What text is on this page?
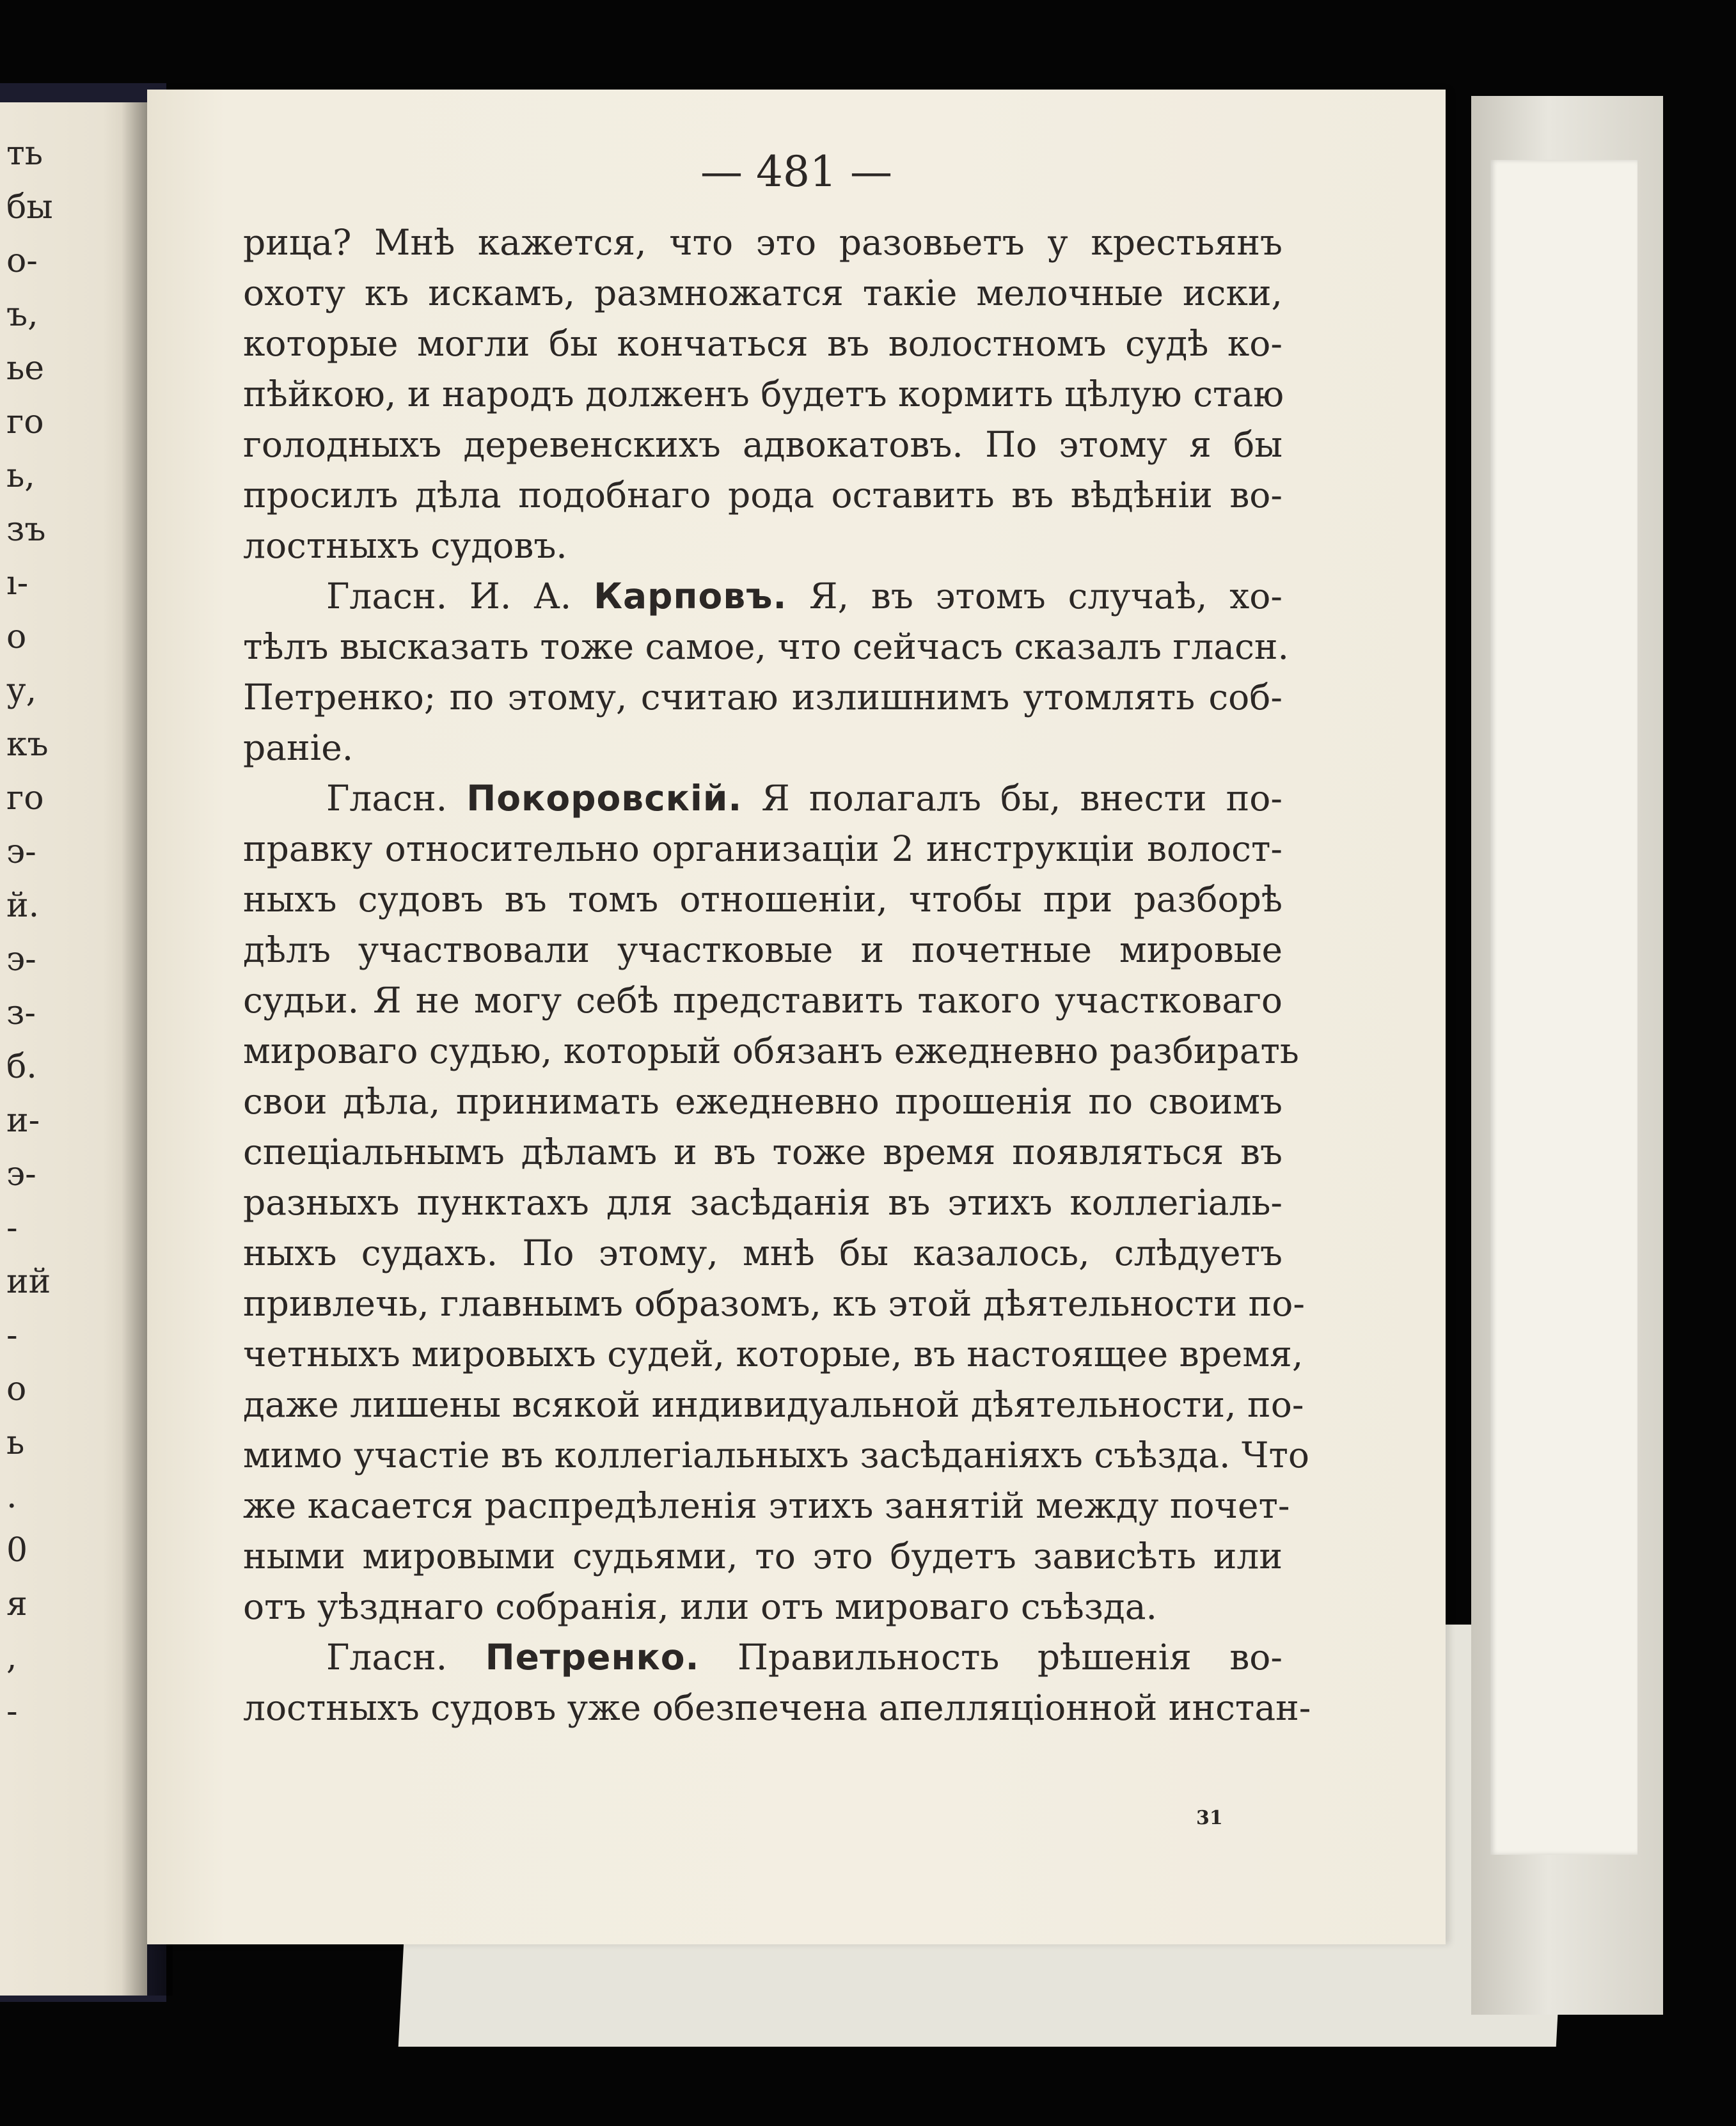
ть
бы
о-
ъ,
ье
го
ь,
зъ
ı-
о
у,
къ
го
э-
й.
э-
з-
б.
и-
э-
-
ий
-
о
ь
.
0
я
,
-
— 481 —
рица? Мнѣ кажется, что это разовьетъ у крестьянъ
охоту къ искамъ, размножатся такіе мелочные иски,
которые могли бы кончаться въ волостномъ судѣ ко-
пѣйкою, и народъ долженъ будетъ кормить цѣлую стаю
голодныхъ деревенскихъ адвокатовъ. По этому я бы
просилъ дѣла подобнаго рода оставить въ вѣдѣніи во-
лостныхъ судовъ.
Гласн. И. А. Карповъ. Я, въ этомъ случаѣ, хо-
тѣлъ высказать тоже самое, что сейчасъ сказалъ гласн.
Петренко; по этому, считаю излишнимъ утомлять соб-
раніе.
Гласн. Покоровскій. Я полагалъ бы, внести по-
правку относительно организаціи 2 инструкціи волост-
ныхъ судовъ въ томъ отношеніи, чтобы при разборѣ
дѣлъ участвовали участковые и почетные мировые
судьи. Я не могу себѣ представить такого участковаго
мироваго судью, который обязанъ ежедневно разбирать
свои дѣла, принимать ежедневно прошенія по своимъ
спеціальнымъ дѣламъ и въ тоже время появляться въ
разныхъ пунктахъ для засѣданія въ этихъ коллегіаль-
ныхъ судахъ. По этому, мнѣ бы казалось, слѣдуетъ
привлечь, главнымъ образомъ, къ этой дѣятельности по-
четныхъ мировыхъ судей, которые, въ настоящее время,
даже лишены всякой индивидуальной дѣятельности, по-
мимо участіе въ коллегіальныхъ засѣданіяхъ съѣзда. Что
же касается распредѣленія этихъ занятій между почет-
ными мировыми судьями, то это будетъ зависѣть или
отъ уѣзднаго собранія, или отъ мироваго съѣзда.
Гласн. Петренко. Правильность рѣшенія во-
лостныхъ судовъ уже обезпечена апелляціонной инстан-
31
